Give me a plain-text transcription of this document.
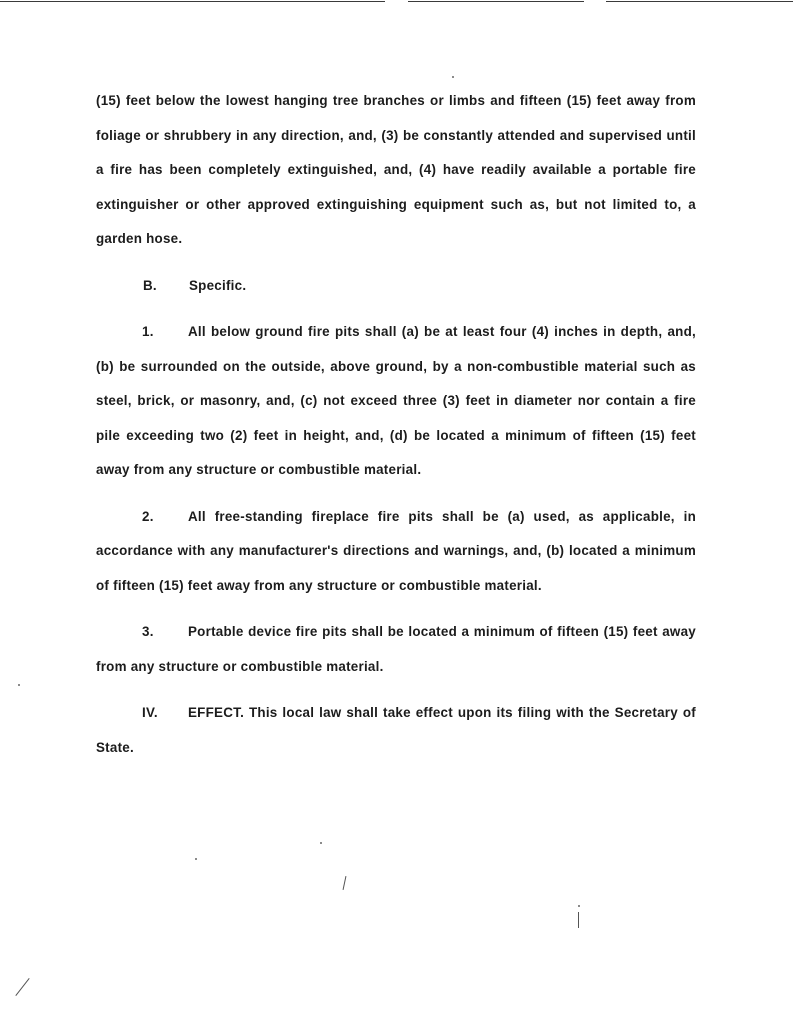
(15) feet below the lowest hanging tree branches or limbs and fifteen (15) feet away from foliage or shrubbery in any direction, and, (3) be constantly attended and supervised until a fire has been completely extinguished, and, (4) have readily available a portable fire extinguisher or other approved extinguishing equipment such as, but not limited to, a garden hose.

B. Specific.

1.	All below ground fire pits shall (a) be at least four (4) inches in depth, and, (b) be surrounded on the outside, above ground, by a non-combustible material such as steel, brick, or masonry, and, (c) not exceed three (3) feet in diameter nor contain a fire pile exceeding two (2) feet in height, and, (d) be located a minimum of fifteen (15) feet away from any structure or combustible material.

2.	All free-standing fireplace fire pits shall be (a) used, as applicable, in accordance with any manufacturer's directions and warnings, and, (b) located a minimum of fifteen (15) feet away from any structure or combustible material.

3.	Portable device fire pits shall be located a minimum of fifteen (15) feet away from any structure or combustible material.

IV. EFFECT. This local law shall take effect upon its filing with the Secretary of State.
